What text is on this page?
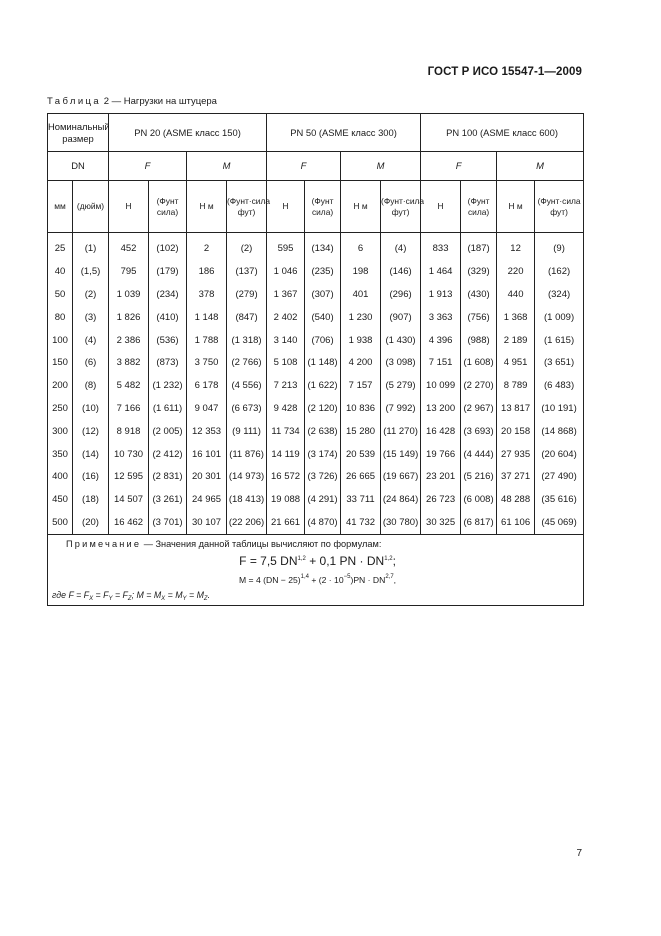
ГОСТ Р ИСО 15547-1—2009
Таблица 2 — Нагрузки на штуцера
Номинальный размер		PN 20 (ASME класс 150)				PN 50 (ASME класс 300)				PN 100 (ASME класс 600)			
DN		F		M		F		M		F		M	
мм	(дюйм)	Н	(Фунт сила)	Н м	(Фунт·сила фут)	Н	(Фунт сила)	Н м	(Фунт·сила фут)	Н	(Фунт сила)	Н м	(Фунт·сила фут)

25	(1)	452	(102)	2	(2)	595	(134)	6	(4)	833	(187)	12	(9)
40	(1,5)	795	(179)	186	(137)	1 046	(235)	198	(146)	1 464	(329)	220	(162)
50	(2)	1 039	(234)	378	(279)	1 367	(307)	401	(296)	1 913	(430)	440	(324)
80	(3)	1 826	(410)	1 148	(847)	2 402	(540)	1 230	(907)	3 363	(756)	1 368	(1 009)
100	(4)	2 386	(536)	1 788	(1 318)	3 140	(706)	1 938	(1 430)	4 396	(988)	2 189	(1 615)
150	(6)	3 882	(873)	3 750	(2 766)	5 108	(1 148)	4 200	(3 098)	7 151	(1 608)	4 951	(3 651)
200	(8)	5 482	(1 232)	6 178	(4 556)	7 213	(1 622)	7 157	(5 279)	10 099	(2 270)	8 789	(6 483)
250	(10)	7 166	(1 611)	9 047	(6 673)	9 428	(2 120)	10 836	(7 992)	13 200	(2 967)	13 817	(10 191)
300	(12)	8 918	(2 005)	12 353	(9 111)	11 734	(2 638)	15 280	(11 270)	16 428	(3 693)	20 158	(14 868)
350	(14)	10 730	(2 412)	16 101	(11 876)	14 119	(3 174)	20 539	(15 149)	19 766	(4 444)	27 935	(20 604)
400	(16)	12 595	(2 831)	20 301	(14 973)	16 572	(3 726)	26 665	(19 667)	23 201	(5 216)	37 271	(27 490)
450	(18)	14 507	(3 261)	24 965	(18 413)	19 088	(4 291)	33 711	(24 864)	26 723	(6 008)	48 288	(35 616)
500	(20)	16 462	(3 701)	30 107	(22 206)	21 661	(4 870)	41 732	(30 780)	30 325	(6 817)	61 106	(45 069)

Примечание — Значения данной таблицы вычисляют по формулам:
F = 7,5 DN$^{1,2}$ + 0,1 PN · DN$^{1,2}$;
M = 4 $(DN - 25)^{1,4} + (2 \cdot 10^{-5})PN \cdot DN^{2,7}$,
где $F = F_X = F_Y = F_Z$; $M = M_X = M_Y = M_Z$.													
7
